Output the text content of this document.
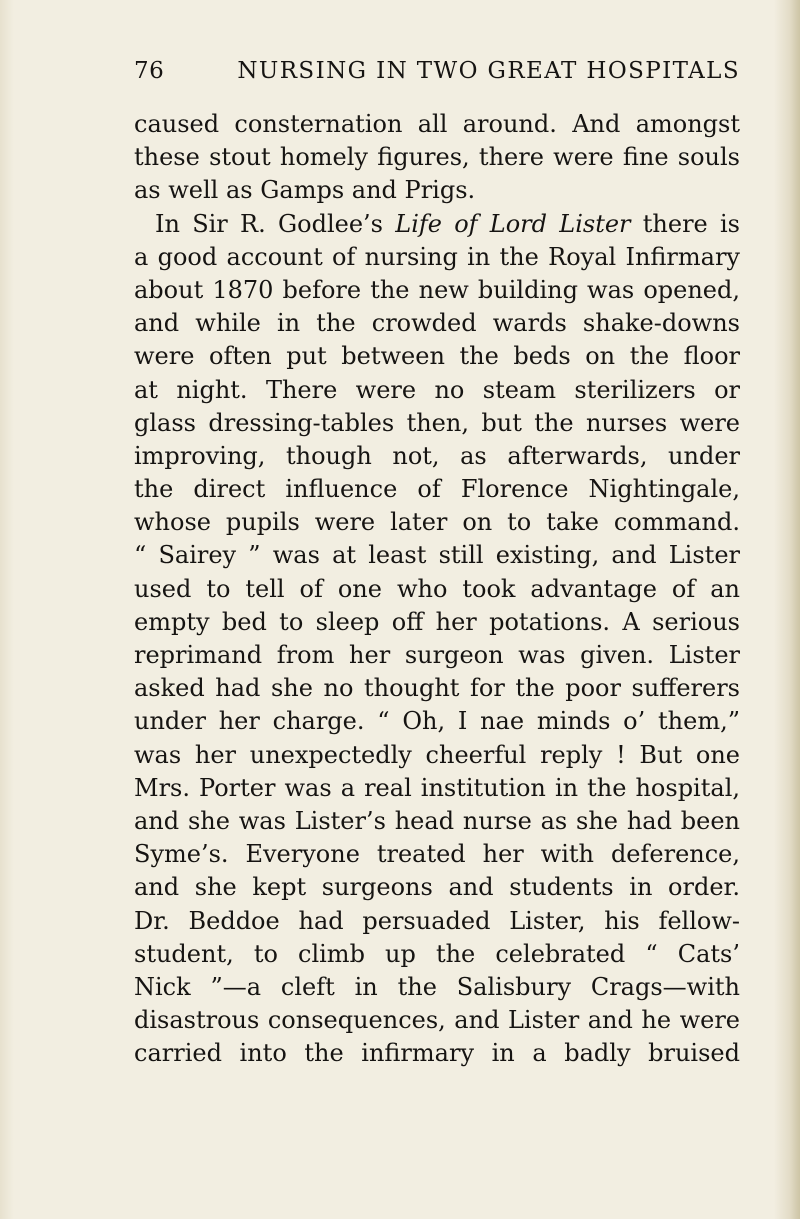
76	NURSING IN TWO GREAT HOSPITALS
caused consternation all around. And amongst
these stout homely figures, there were fine souls
as well as Gamps and Prigs.
In Sir R. Godlee’s Life of Lord Lister there is
a good account of nursing in the Royal Infirmary
about 1870 before the new building was opened,
and while in the crowded wards shake-downs
were often put between the beds on the floor
at night. There were no steam sterilizers or
glass dressing-tables then, but the nurses were
improving, though not, as afterwards, under
the direct influence of Florence Nightingale,
whose pupils were later on to take command.
“ Sairey ” was at least still existing, and Lister
used to tell of one who took advantage of an
empty bed to sleep off her potations. A serious
reprimand from her surgeon was given. Lister
asked had she no thought for the poor sufferers
under her charge. “ Oh, I nae minds o’ them,”
was her unexpectedly cheerful reply ! But one
Mrs. Porter was a real institution in the hospital,
and she was Lister’s head nurse as she had been
Syme’s. Everyone treated her with deference,
and she kept surgeons and students in order.
Dr. Beddoe had persuaded Lister, his fellow-
student, to climb up the celebrated “ Cats’
Nick ”—a cleft in the Salisbury Crags—with
disastrous consequences, and Lister and he were
carried into the infirmary in a badly bruised
